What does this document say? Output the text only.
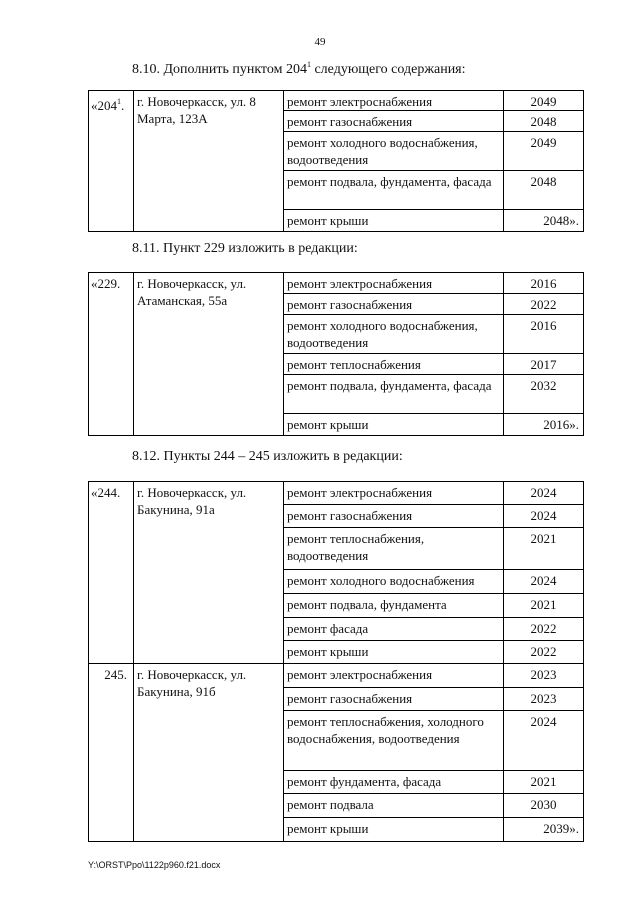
49
8.10. Дополнить пунктом $204^1$ следующего содержания:
«$204^1$.	г. Новочеркасск, ул. 8 Марта, 123А	ремонт электроснабжения	2049
		ремонт газоснабжения	2048
		ремонт холодного водоснабжения, водоотведения	2049
		ремонт подвала, фундамента, фасада	2048
		ремонт крыши	2048».
8.11. Пункт 229 изложить в редакции:
«229.	г. Новочеркасск, ул. Атаманская, 55а	ремонт электроснабжения	2016
		ремонт газоснабжения	2022
		ремонт холодного водоснабжения, водоотведения	2016
		ремонт теплоснабжения	2017
		ремонт подвала, фундамента, фасада	2032
		ремонт крыши	2016».
8.12. Пункты 244 – 245 изложить в редакции:
«244.	г. Новочеркасск, ул. Бакунина, 91а	ремонт электроснабжения	2024
		ремонт газоснабжения	2024
		ремонт теплоснабжения, водоотведения	2021
		ремонт холодного водоснабжения	2024
		ремонт подвала, фундамента	2021
		ремонт фасада	2022
		ремонт крыши	2022
245.	г. Новочеркасск, ул. Бакунина, 91б	ремонт электроснабжения	2023
		ремонт газоснабжения	2023
		ремонт теплоснабжения, холодного водоснабжения, водоотведения	2024
		ремонт фундамента, фасада	2021
		ремонт подвала	2030
		ремонт крыши	2039».
Y:\ORST\Ppo\1122p960.f21.docx
